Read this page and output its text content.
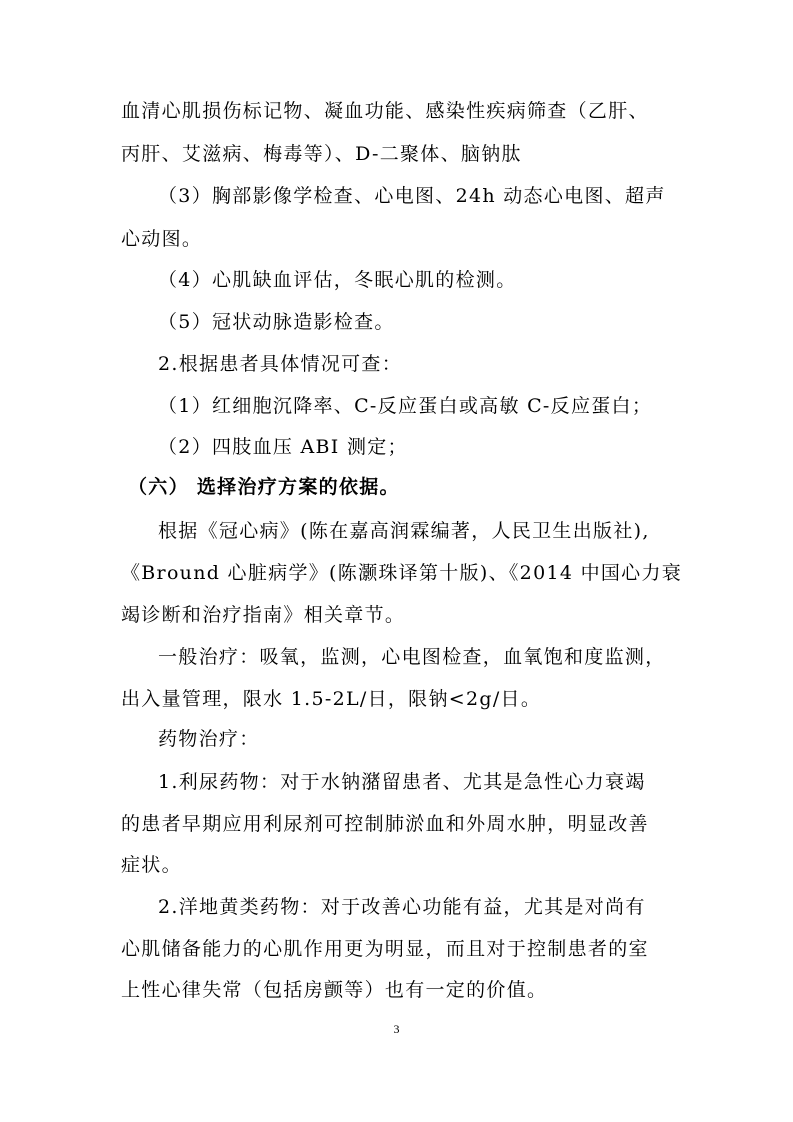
血清心肌损伤标记物、凝血功能、感染性疾病筛查（乙肝、
丙肝、艾滋病、梅毒等）、D-二聚体、脑钠肽
（3）胸部影像学检查、心电图、24h 动态心电图、超声
心动图。
（4）心肌缺血评估，冬眠心肌的检测。
（5）冠状动脉造影检查。
2.根据患者具体情况可查：
（1）红细胞沉降率、C-反应蛋白或高敏 C-反应蛋白；
（2）四肢血压 ABI 测定；
（六） 选择治疗方案的依据。
根据《冠心病》(陈在嘉高润霖编著，人民卫生出版社),
《Bround 心脏病学》(陈灏珠译第十版)、《2014 中国心力衰
竭诊断和治疗指南》相关章节。
一般治疗：吸氧，监测，心电图检查，血氧饱和度监测，
出入量管理，限水 1.5-2L/日，限钠<2g/日。
药物治疗：
1.利尿药物：对于水钠潴留患者、尤其是急性心力衰竭
的患者早期应用利尿剂可控制肺淤血和外周水肿，明显改善
症状。
2.洋地黄类药物：对于改善心功能有益，尤其是对尚有
心肌储备能力的心肌作用更为明显，而且对于控制患者的室
上性心律失常（包括房颤等）也有一定的价值。
3
